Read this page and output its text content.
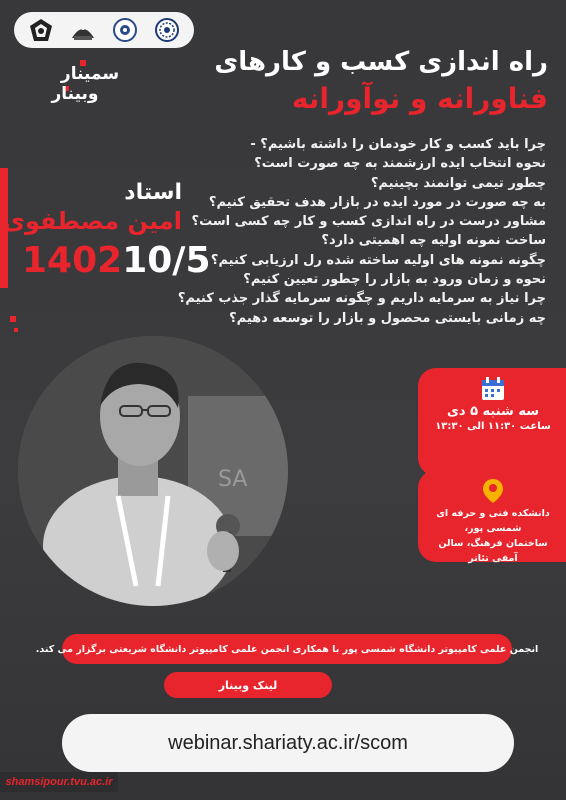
راه اندازی کسب و کارهای
فناورانه و نوآورانه
سمینار
وبینار
چرا باید کسب و کار خودمان را داشته باشیم؟ -
نحوه انتخاب ایده ارزشمند به چه صورت است؟
چطور تیمی توانمند بچینیم؟
به چه صورت در مورد ایده در بازار هدف تحقیق کنیم؟
مشاور درست در راه اندازی کسب و کار چه کسی است؟
ساخت نمونه اولیه چه اهمیتی دارد؟
چگونه نمونه های اولیه ساخته شده رل ارزیابی کنیم؟
نحوه و زمان ورود به بازار را چطور تعیین کنیم؟
چرا نیاز به سرمایه داریم و چگونه سرمایه گذار جذب کنیم؟
چه زمانی بایستی محصول و بازار را توسعه دهیم؟
استاد
امین مصطفوی
140210/5
SA
سه شنبه ۵ دی
ساعت ۱۱:۳۰ الی ۱۳:۳۰
دانشکده فنی و حرفه ای شمسی پور،
ساختمان فرهنگ، سالن آمفی تئاتر
انجمن علمی کامپیوتر دانشگاه شمسی پور با همکاری انجمن علمی کامپیوتر دانشگاه شریعتی برگزار می کند.
لینک وبینار
webinar.shariaty.ac.ir/scom
shamsipour.tvu.ac.ir
